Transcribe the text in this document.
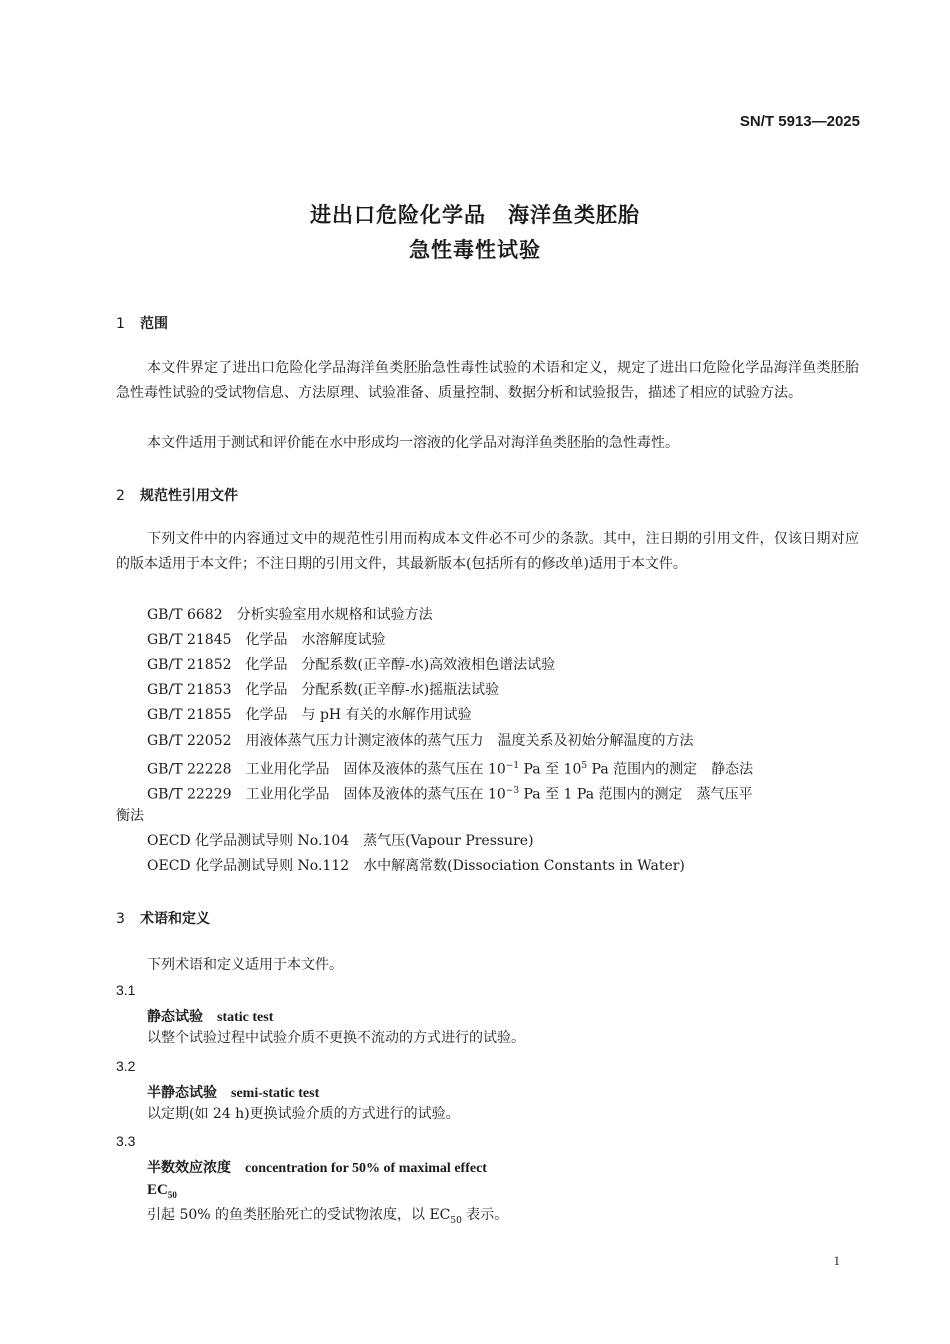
SN/T 5913—2025
进出口危险化学品　海洋鱼类胚胎
急性毒性试验
1 范围
本文件界定了进出口危险化学品海洋鱼类胚胎急性毒性试验的术语和定义，规定了进出口危险化学品海洋鱼类胚胎急性毒性试验的受试物信息、方法原理、试验准备、质量控制、数据分析和试验报告，描述了相应的试验方法。
本文件适用于测试和评价能在水中形成均一溶液的化学品对海洋鱼类胚胎的急性毒性。
2 规范性引用文件
下列文件中的内容通过文中的规范性引用而构成本文件必不可少的条款。其中，注日期的引用文件，仅该日期对应的版本适用于本文件；不注日期的引用文件，其最新版本(包括所有的修改单)适用于本文件。
GB/T 6682　分析实验室用水规格和试验方法
GB/T 21845　化学品　水溶解度试验
GB/T 21852　化学品　分配系数(正辛醇-水)高效液相色谱法试验
GB/T 21853　化学品　分配系数(正辛醇-水)摇瓶法试验
GB/T 21855　化学品　与 pH 有关的水解作用试验
GB/T 22052　用液体蒸气压力计测定液体的蒸气压力　温度关系及初始分解温度的方法
GB/T 22228　工业用化学品　固体及液体的蒸气压在 $10^{-1}$ Pa 至 $10^5$ Pa 范围内的测定　静态法
GB/T 22229　工业用化学品　固体及液体的蒸气压在 $10^{-3}$ Pa 至 1 Pa 范围内的测定　蒸气压平
衡法
OECD 化学品测试导则 No.104　蒸气压(Vapour Pressure)
OECD 化学品测试导则 No.112　水中解离常数(Dissociation Constants in Water)
3 术语和定义
下列术语和定义适用于本文件。
3.1
静态试验 static test
以整个试验过程中试验介质不更换不流动的方式进行的试验。
3.2
半静态试验 semi-static test
以定期(如 24 h)更换试验介质的方式进行的试验。
3.3
半数效应浓度 concentration for 50% of maximal effect
$EC_{50}$
引起 50% 的鱼类胚胎死亡的受试物浓度，以 $EC_{50}$ 表示。
1
